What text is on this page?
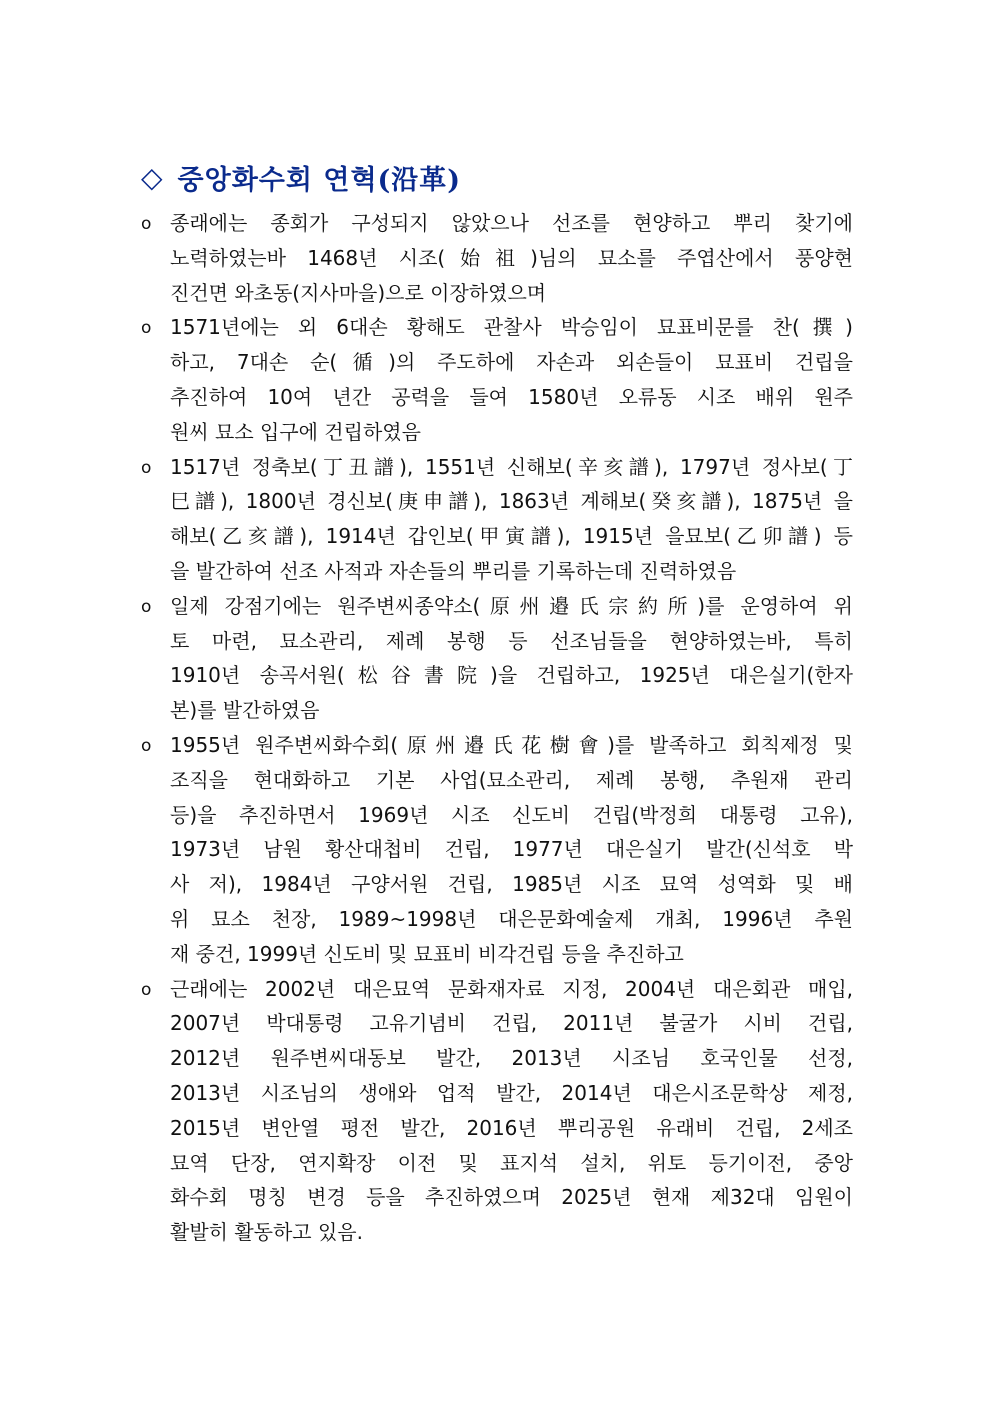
◇ 중앙화수회 연혁(沿革)
o 종래에는 종회가 구성되지 않았으나 선조를 현양하고 뿌리 찾기에
노력하였는바 1468년 시조(始祖)님의 묘소를 주엽산에서 풍양현
진건면 와초동(지사마을)으로 이장하였으며
o 1571년에는 외 6대손 황해도 관찰사 박승임이 묘표비문를 찬(撰)
하고, 7대손 순(循)의 주도하에 자손과 외손들이 묘표비 건립을
추진하여 10여 년간 공력을 들여 1580년 오류동 시조 배위 원주
원씨 묘소 입구에 건립하였음
o 1517년 정축보(丁丑譜), 1551년 신해보(辛亥譜), 1797년 정사보(丁
巳譜), 1800년 경신보(庚申譜), 1863년 계해보(癸亥譜), 1875년 을
해보(乙亥譜), 1914년 갑인보(甲寅譜), 1915년 을묘보(乙卯譜) 등
을 발간하여 선조 사적과 자손들의 뿌리를 기록하는데 진력하였음
o 일제 강점기에는 원주변씨종약소(原州邉氏宗約所)를 운영하여 위
토 마련, 묘소관리, 제례 봉행 등 선조님들을 현양하였는바, 특히
1910년 송곡서원(松谷書院)을 건립하고, 1925년 대은실기(한자
본)를 발간하였음
o 1955년 원주변씨화수회(原州邉氏花樹會)를 발족하고 회칙제정 및
조직을 현대화하고 기본 사업(묘소관리, 제례 봉행, 추원재 관리
등)을 추진하면서 1969년 시조 신도비 건립(박정희 대통령 고유),
1973년 남원 황산대첩비 건립, 1977년 대은실기 발간(신석호 박
사 저), 1984년 구양서원 건립, 1985년 시조 묘역 성역화 및 배
위 묘소 천장, 1989~1998년 대은문화예술제 개최, 1996년 추원
재 중건, 1999년 신도비 및 묘표비 비각건립 등을 추진하고
o 근래에는 2002년 대은묘역 문화재자료 지정, 2004년 대은회관 매입,
2007년 박대통령 고유기념비 건립, 2011년 불굴가 시비 건립,
2012년 원주변씨대동보 발간, 2013년 시조님 호국인물 선정,
2013년 시조님의 생애와 업적 발간, 2014년 대은시조문학상 제정,
2015년 변안열 평전 발간, 2016년 뿌리공원 유래비 건립, 2세조
묘역 단장, 연지확장 이전 및 표지석 설치, 위토 등기이전, 중앙
화수회 명칭 변경 등을 추진하였으며 2025년 현재 제32대 임원이
활발히 활동하고 있음.
